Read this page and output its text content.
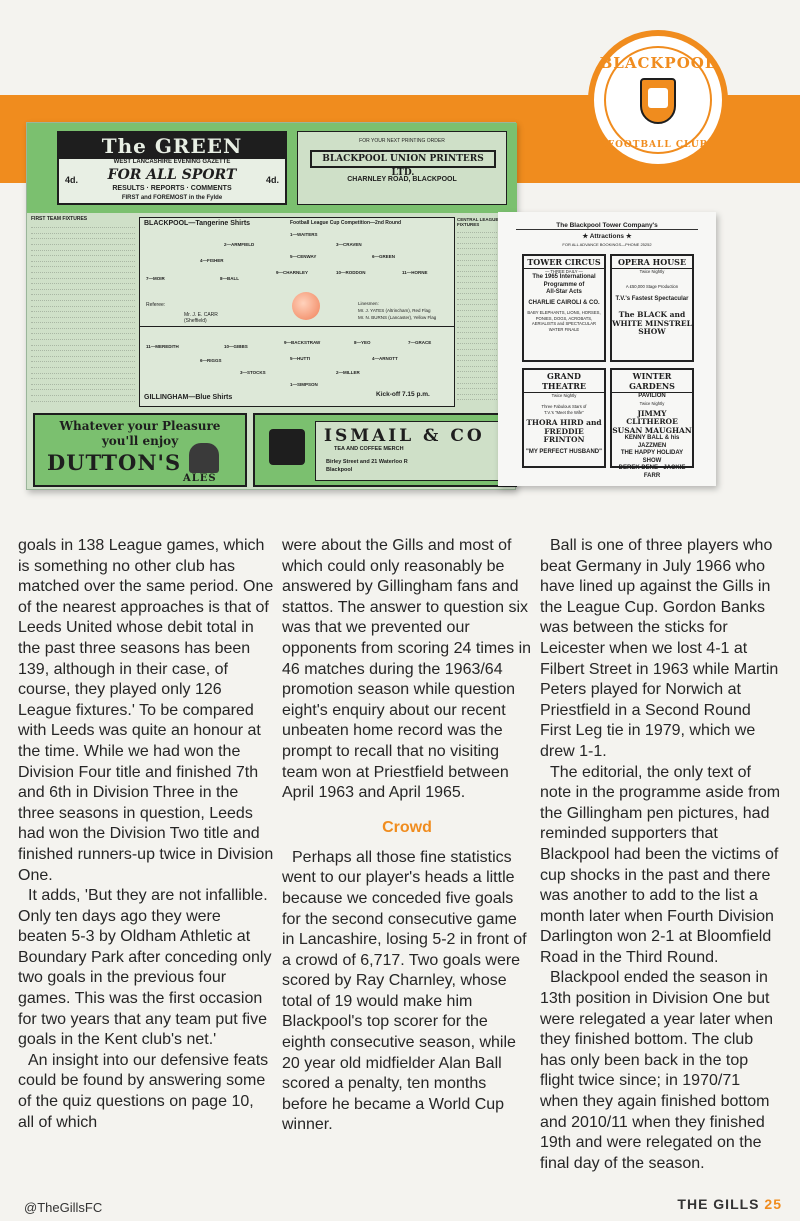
The GREEN
WEST LANCASHIRE EVENING GAZETTE
FOR ALL SPORT
RESULTS · REPORTS · COMMENTS
FIRST and FOREMOST in the Fylde
4d.	4d.
FOR YOUR NEXT PRINTING ORDER
BLACKPOOL UNION PRINTERS LTD.
CHARNLEY ROAD, BLACKPOOL
FIRST TEAM FIXTURES
BLACKPOOL—Tangerine Shirts	Football League Cup Competition—2nd Round
1—WAITERS
2—ARMFIELD	3—CRAVEN
4—FISHER
5—CENWAY	6—GREEN
7—MOIR	8—BALL
9—CHARNLEY	10—RODDON	11—HORNE
Referee:
Mr. J. E. CARR
(Sheffield)
Linesmen:
Mr. J. YATES (Altrincham), Red Flag
Mr. N. BURNS (Lancaster), Yellow Flag
11—MEREDITH	10—GIBBS
9—BACKSTRAW	8—YEO	7—GRACE
6—RIGGS	5—HUTTI	4—ARNOTT
3—STOCKS	2—MILLER
1—SIMPSON
GILLINGHAM—Blue Shirts	Kick-off 7.15 p.m.
CENTRAL LEAGUE FIXTURES
Whatever your Pleasure
you'll enjoy
DUTTON'S
ALES
ISMAIL & CO
TEA AND COFFEE MERCH
Birley Street and 21 Waterloo R
Blackpool
The Blackpool Tower Company's
★ Attractions ★
FOR ALL ADVANCE BOOKINGS—PHONE 25252
TOWER CIRCUS
— THREE DAILY —
The 1965 International
Programme of
All-Star Acts
CHARLIE CAIROLI & CO.
BABY ELEPHANTS, LIONS, HORSES, PONIES, DOGS, ACROBATS, AERIALISTS and SPECTACULAR WATER FINALE
OPERA HOUSE
Twice Nightly
A £50,000 Stage Production
T.V.'s Fastest Spectacular
The BLACK and WHITE MINSTREL SHOW
GRAND THEATRE
Twice Nightly
Three Fabulous Stars of
T.V.'s "Meet the Wife"
THORA HIRD and FREDDIE FRINTON
"MY PERFECT HUSBAND"
WINTER GARDENS
PAVILION
Twice Nightly
JIMMY CLITHEROE
SUSAN MAUGHAN
KENNY BALL & his JAZZMEN
THE HAPPY HOLIDAY SHOW
DEREK DENE · JACKIE FARR
BLACKPOOL
FOOTBALL CLUB

goals in 138 League games, which is something no other club has matched over the same period. One of the nearest approaches is that of Leeds United whose debit total in the past three seasons has been 139, although in their case, of course, they played only 126 League fixtures.' To be compared with Leeds was quite an honour at the time. While we had won the Division Four title and finished 7th and 6th in Division Three in the three seasons in question, Leeds had won the Division Two title and finished runners-up twice in Division One.

It adds, 'But they are not infallible. Only ten days ago they were beaten 5-3 by Oldham Athletic at Boundary Park after conceding only two goals in the previous four games. This was the first occasion for two years that any team put five goals in the Kent club's net.'

An insight into our defensive feats could be found by answering some of the quiz questions on page 10, all of which

were about the Gills and most of which could only reasonably be answered by Gillingham fans and stattos. The answer to question six was that we prevented our opponents from scoring 24 times in 46 matches during the 1963/64 promotion season while question eight's enquiry about our recent unbeaten home record was the prompt to recall that no visiting team won at Priestfield between April 1963 and April 1965.

Crowd

Perhaps all those fine statistics went to our player's heads a little because we conceded five goals for the second consecutive game in Lancashire, losing 5-2 in front of a crowd of 6,717. Two goals were scored by Ray Charnley, whose total of 19 would make him Blackpool's top scorer for the eighth consecutive season, while 20 year old midfielder Alan Ball scored a penalty, ten months before he became a World Cup winner.

Ball is one of three players who beat Germany in July 1966 who have lined up against the Gills in the League Cup. Gordon Banks was between the sticks for Leicester when we lost 4-1 at Filbert Street in 1963 while Martin Peters played for Norwich at Priestfield in a Second Round First Leg tie in 1979, which we drew 1-1.

The editorial, the only text of note in the programme aside from the Gillingham pen pictures, had reminded supporters that Blackpool had been the victims of cup shocks in the past and there was another to add to the list a month later when Fourth Division Darlington won 2-1 at Bloomfield Road in the Third Round.

Blackpool ended the season in 13th position in Division One but were relegated a year later when they finished bottom. The club has only been back in the top flight twice since; in 1970/71 when they again finished bottom and 2010/11 when they finished 19th and were relegated on the final day of the season.

@TheGillsFC	THE GILLS 25
